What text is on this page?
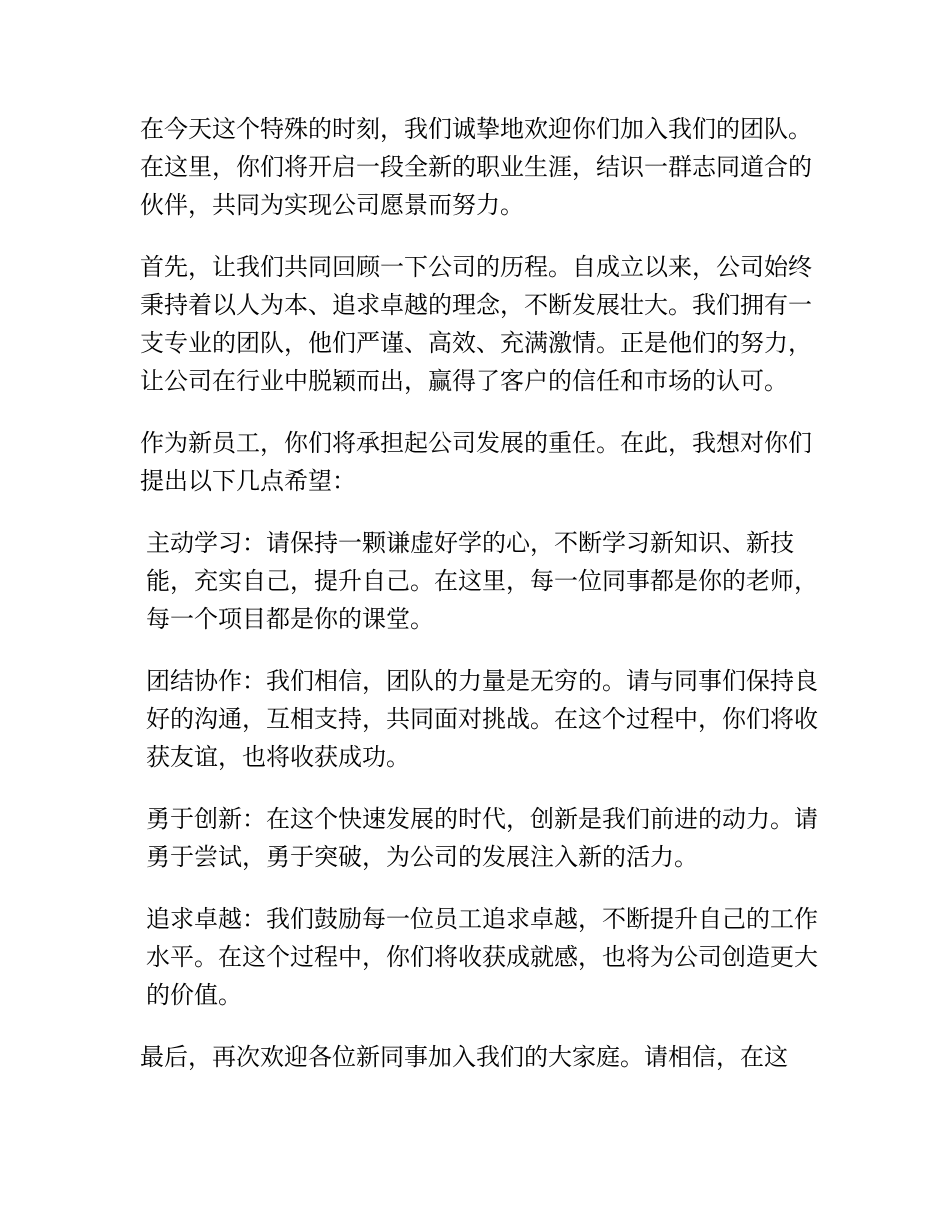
在今天这个特殊的时刻，我们诚挚地欢迎你们加入我们的团队。在这里，你们将开启一段全新的职业生涯，结识一群志同道合的伙伴，共同为实现公司愿景而努力。

首先，让我们共同回顾一下公司的历程。自成立以来，公司始终秉持着以人为本、追求卓越的理念，不断发展壮大。我们拥有一支专业的团队，他们严谨、高效、充满激情。正是他们的努力，让公司在行业中脱颖而出，赢得了客户的信任和市场的认可。

作为新员工，你们将承担起公司发展的重任。在此，我想对你们提出以下几点希望：

主动学习：请保持一颗谦虚好学的心，不断学习新知识、新技能，充实自己，提升自己。在这里，每一位同事都是你的老师，每一个项目都是你的课堂。

团结协作：我们相信，团队的力量是无穷的。请与同事们保持良好的沟通，互相支持，共同面对挑战。在这个过程中，你们将收获友谊，也将收获成功。

勇于创新：在这个快速发展的时代，创新是我们前进的动力。请勇于尝试，勇于突破，为公司的发展注入新的活力。

追求卓越：我们鼓励每一位员工追求卓越，不断提升自己的工作水平。在这个过程中，你们将收获成就感，也将为公司创造更大的价值。

最后，再次欢迎各位新同事加入我们的大家庭。请相信，在这
